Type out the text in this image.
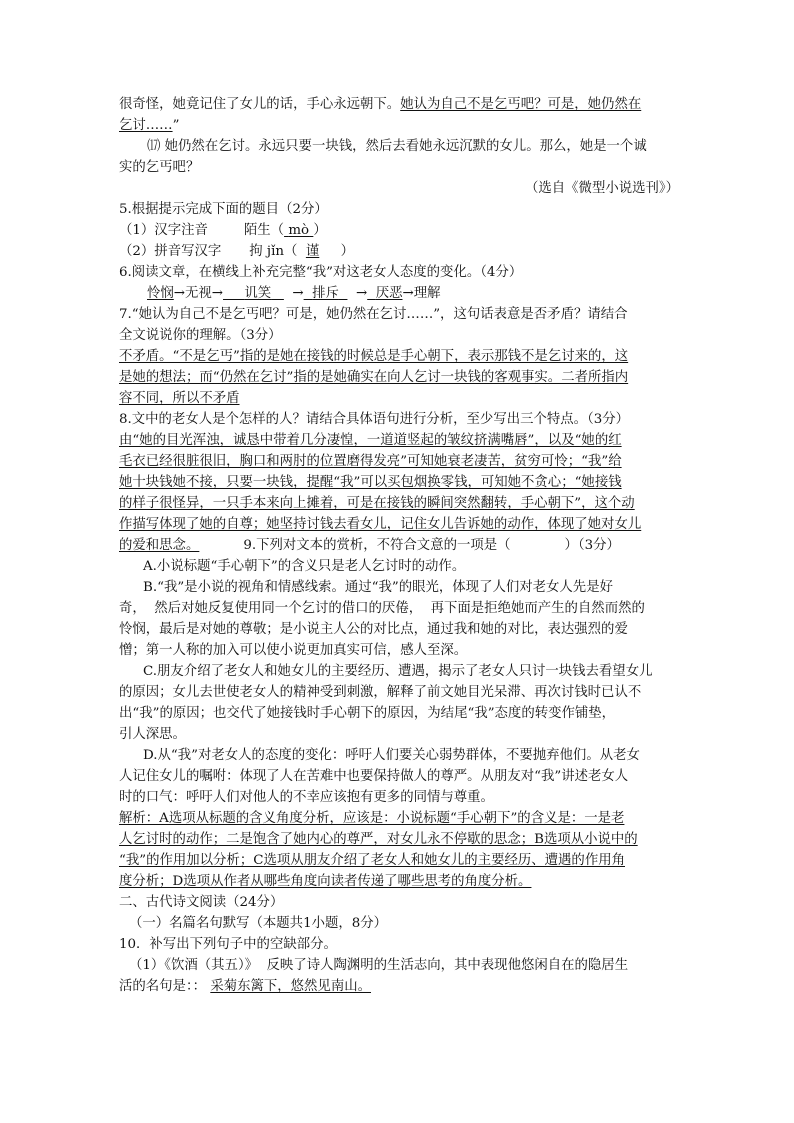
很奇怪，她竟记住了女儿的话，手心永远朝下。她认为自己不是乞丐吧？可是，她仍然在
乞讨……”
⒄ 她仍然在乞讨。永远只要一块钱，然后去看她永远沉默的女儿。那么，她是一个诚
实的乞丐吧？
（选自《微型小说选刊》）
5.根据提示完成下面的题目（2分）
（1）汉字注音	陌生（ mò ）
（2）拼音写汉字 拘 jǐn（ 谨 ）
6.阅读文章，在横线上补充完整“我”对这老女人态度的变化。（4分）
怜悯→无视→ 讥笑 → 排斥 → 厌恶→理解
7.“她认为自己不是乞丐吧？可是，她仍然在乞讨……”，这句话表意是否矛盾？请结合
全文说说你的理解。（3分）
不矛盾。“不是乞丐”指的是她在接钱的时候总是手心朝下，表示那钱不是乞讨来的，这
是她的想法；而“仍然在乞讨”指的是她确实在向人乞讨一块钱的客观事实。二者所指内
容不同，所以不矛盾
8.文中的老女人是个怎样的人？请结合具体语句进行分析，至少写出三个特点。（3分）
由“她的目光浑浊，诚恳中带着几分凄惶，一道道竖起的皱纹挤满嘴唇”，以及“她的红
毛衣已经很脏很旧，胸口和两肘的位置磨得发亮”可知她衰老凄苦，贫穷可怜；“我”给
她十块钱她不接，只要一块钱，提醒“我”可以买包烟换零钱，可知她不贪心；“她接钱
的样子很怪异，一只手本来向上摊着，可是在接钱的瞬间突然翻转，手心朝下”，这个动
作描写体现了她的自尊；她坚持讨钱去看女儿，记住女儿告诉她的动作，体现了她对女儿
的爱和思念。	9.下列对文本的赏析，不符合文意的一项是（	）（3分）
A.小说标题“手心朝下”的含义只是老人乞讨时的动作。
B.“我”是小说的视角和情感线索。通过“我”的眼光，体现了人们对老女人先是好
奇，  然后对她反复使用同一个乞讨的借口的厌倦，  再下面是拒绝她而产生的自然而然的
怜悯，最后是对她的尊敬；是小说主人公的对比点，通过我和她的对比，表达强烈的爱
憎；第一人称的加入可以使小说更加真实可信，感人至深。
C.朋友介绍了老女人和她女儿的主要经历、遭遇，揭示了老女人只讨一块钱去看望女儿
的原因；女儿去世使老女人的精神受到刺激，解释了前文她目光呆滞、再次讨钱时已认不
出“我”的原因；也交代了她接钱时手心朝下的原因，为结尾“我”态度的转变作铺垫，
引人深思。
D.从“我”对老女人的态度的变化：呼吁人们要关心弱势群体，不要抛弃他们。从老女
人记住女儿的嘱咐：体现了人在苦难中也要保持做人的尊严。从朋友对“我”讲述老女人
时的口气：呼吁人们对他人的不幸应该抱有更多的同情与尊重。
解析：A选项从标题的含义角度分析，应该是：小说标题“手心朝下”的含义是：一是老
人乞讨时的动作；二是饱含了她内心的尊严，对女儿永不停歇的思念；B选项从小说中的
“我”的作用加以分析；C选项从朋友介绍了老女人和她女儿的主要经历、遭遇的作用角
度分析；D选项从作者从哪些角度向读者传递了哪些思考的角度分析。
二、古代诗文阅读（24分）
（一）名篇名句默写（本题共1小题，8分）
10．补写出下列句子中的空缺部分。
（1）《饮酒（其五）》  反映了诗人陶渊明的生活志向，其中表现他悠闲自在的隐居生
活的名句是：： 采菊东篱下，悠然见南山。
